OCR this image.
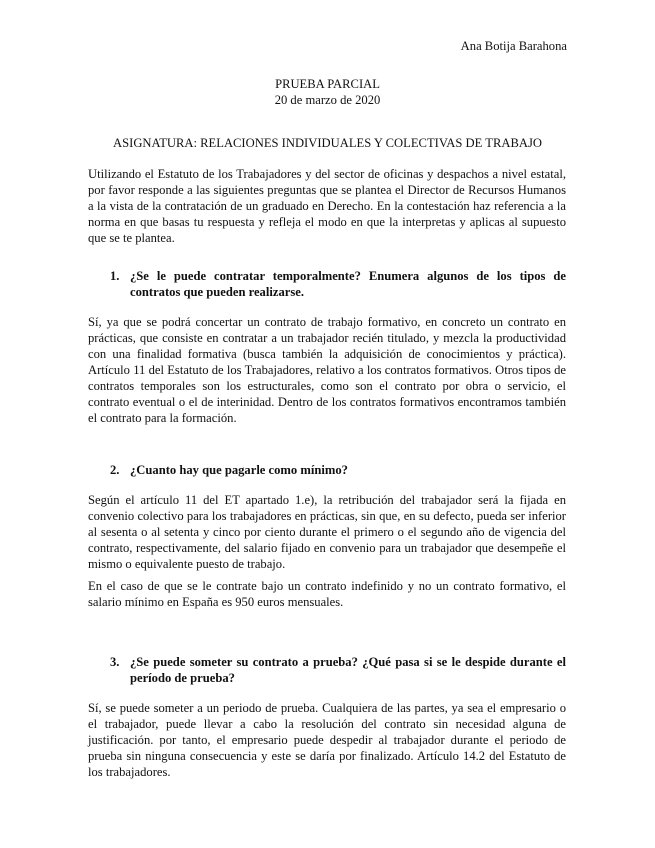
Ana Botija Barahona
PRUEBA PARCIAL
20 de marzo de 2020
ASIGNATURA: RELACIONES INDIVIDUALES Y COLECTIVAS DE TRABAJO

Utilizando el Estatuto de los Trabajadores y del sector de oficinas y despachos a nivel estatal, por favor responde a las siguientes preguntas que se plantea el Director de Recursos Humanos a la vista de la contratación de un graduado en Derecho. En la contestación haz referencia a la norma en que basas tu respuesta y refleja el modo en que la interpretas y aplicas al supuesto que se te plantea.

1. ¿Se le puede contratar temporalmente? Enumera algunos de los tipos de contratos que pueden realizarse.

Sí, ya que se podrá concertar un contrato de trabajo formativo, en concreto un contrato en prácticas, que consiste en contratar a un trabajador recién titulado, y mezcla la productividad con una finalidad formativa (busca también la adquisición de conocimientos y práctica). Artículo 11 del Estatuto de los Trabajadores, relativo a los contratos formativos. Otros tipos de contratos temporales son los estructurales, como son el contrato por obra o servicio, el contrato eventual o el de interinidad. Dentro de los contratos formativos encontramos también el contrato para la formación.

2. ¿Cuanto hay que pagarle como mínimo?

Según el artículo 11 del ET apartado 1.e), la retribución del trabajador será la fijada en convenio colectivo para los trabajadores en prácticas, sin que, en su defecto, pueda ser inferior al sesenta o al setenta y cinco por ciento durante el primero o el segundo año de vigencia del contrato, respectivamente, del salario fijado en convenio para un trabajador que desempeñe el mismo o equivalente puesto de trabajo.

En el caso de que se le contrate bajo un contrato indefinido y no un contrato formativo, el salario mínimo en España es 950 euros mensuales.

3. ¿Se puede someter su contrato a prueba? ¿Qué pasa si se le despide durante el período de prueba?

Sí, se puede someter a un periodo de prueba. Cualquiera de las partes, ya sea el empresario o el trabajador, puede llevar a cabo la resolución del contrato sin necesidad alguna de justificación. por tanto, el empresario puede despedir al trabajador durante el periodo de prueba sin ninguna consecuencia y este se daría por finalizado. Artículo 14.2 del Estatuto de los trabajadores.
